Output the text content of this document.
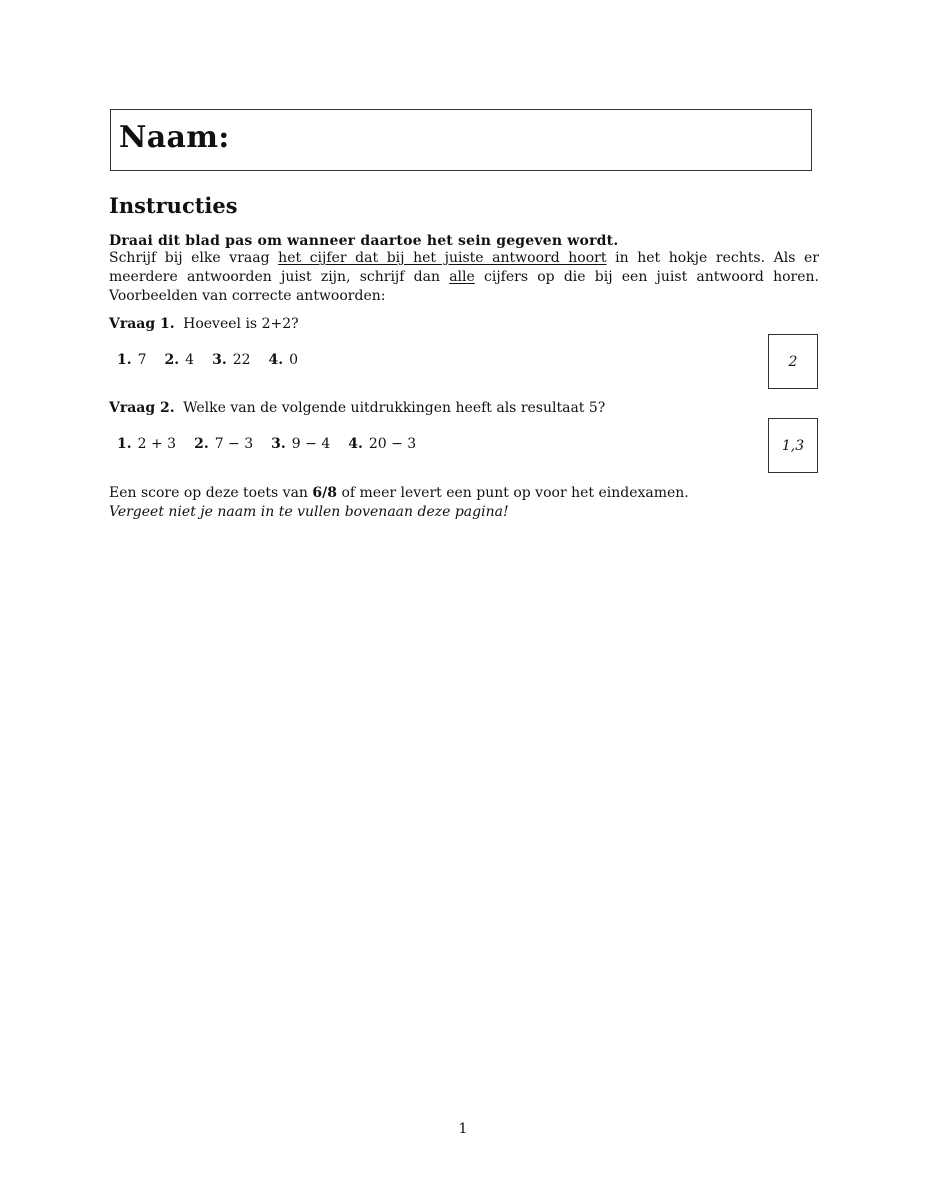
Naam:
Instructies
Draai dit blad pas om wanneer daartoe het sein gegeven wordt.
Schrijf bij elke vraag het cijfer dat bij het juiste antwoord hoort in het hokje rechts. Als er meerdere antwoorden juist zijn, schrijf dan alle cijfers op die bij een juist antwoord horen. Voorbeelden van correcte antwoorden:
Vraag 1. Hoeveel is 2+2?
1. 7 2. 4 3. 22 4. 0	2
Vraag 2. Welke van de volgende uitdrukkingen heeft als resultaat 5?
1. 2 + 3 2. 7 − 3 3. 9 − 4 4. 20 − 3	1,3
Een score op deze toets van 6/8 of meer levert een punt op voor het eindexamen.
Vergeet niet je naam in te vullen bovenaan deze pagina!
1
